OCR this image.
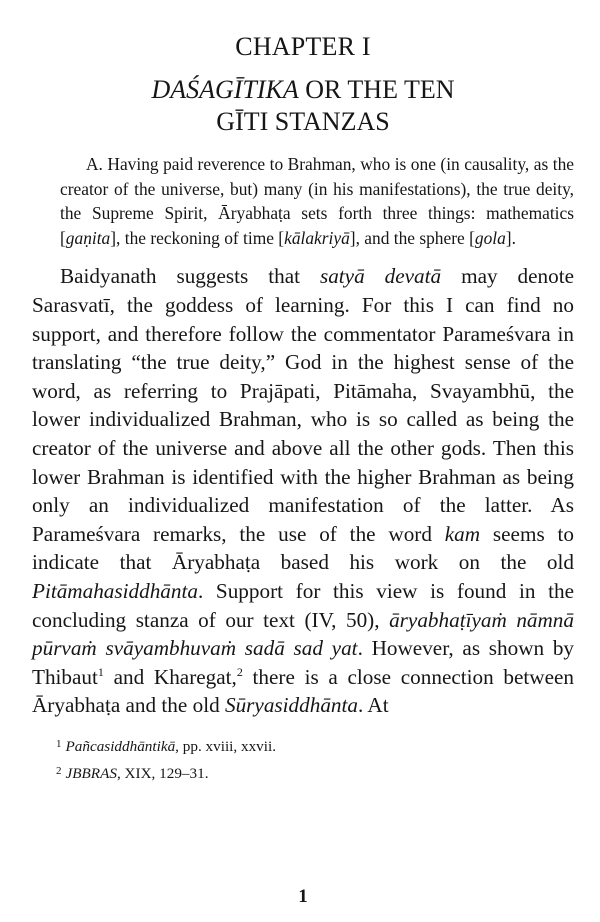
CHAPTER I
DAŚAGĪTIKA OR THE TEN
GĪTI STANZAS

A. Having paid reverence to Brahman, who is one (in causality, as the creator of the universe, but) many (in his manifestations), the true deity, the Supreme Spirit, Āryabhaṭa sets forth three things: mathematics [gaṇita], the reckoning of time [kālakriyā], and the sphere [gola].

Baidyanath suggests that satyā devatā may denote Sarasvatī, the goddess of learning. For this I can find no support, and therefore follow the commentator Parameśvara in translating “the true deity,” God in the highest sense of the word, as referring to Prajāpati, Pitāmaha, Svayambhū, the lower individualized Brahman, who is so called as being the creator of the universe and above all the other gods. Then this lower Brahman is identified with the higher Brahman as being only an individualized manifestation of the latter. As Parameśvara remarks, the use of the word kam seems to indicate that Āryabhaṭa based his work on the old Pitāmahasiddhānta. Support for this view is found in the concluding stanza of our text (IV, 50), āryabhaṭīyaṁ nāmnā pūrvaṁ svāyambhuvaṁ sadā sad yat. However, as shown by Thibaut$^1$ and Kharegat,$^2$ there is a close connection between Āryabhaṭa and the old Sūryasiddhānta. At

$^1$ Pañcasiddhāntikā, pp. xviii, xxvii.
$^2$ JBBRAS, XIX, 129–31.
1
